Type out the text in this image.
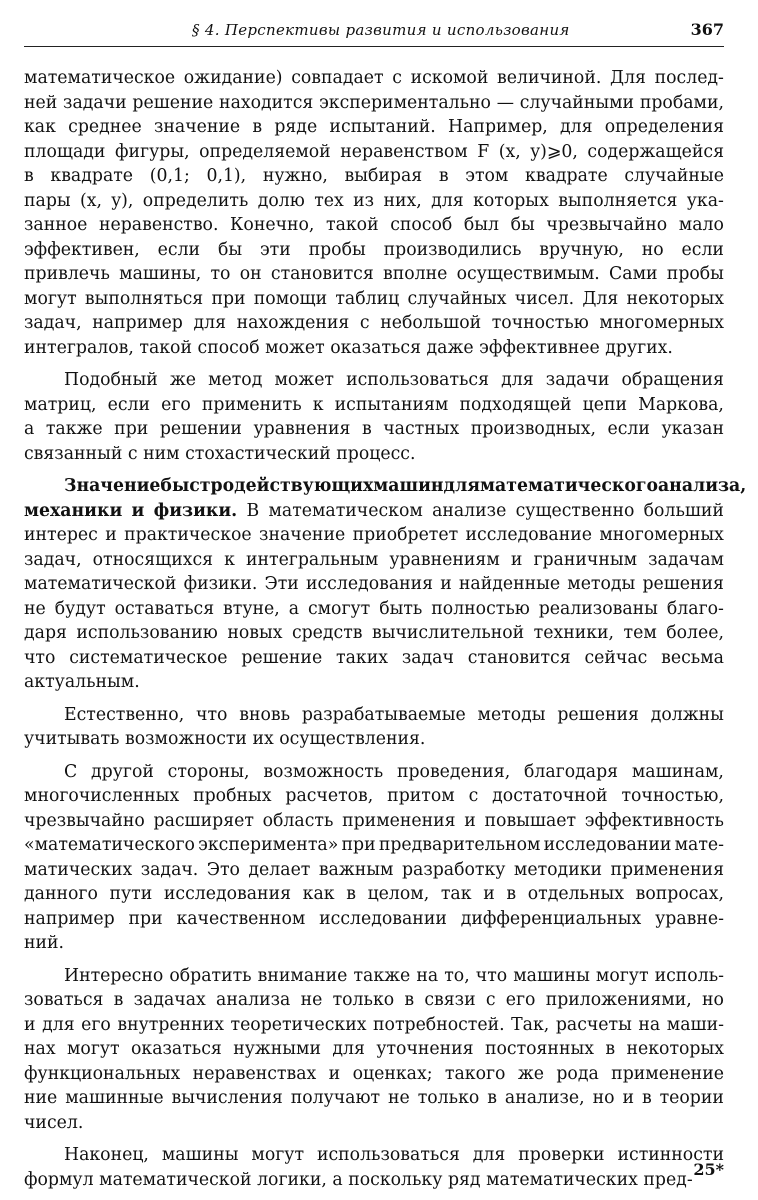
§ 4. Перспективы развития и использования	367
математическое ожидание) совпадает с искомой величиной. Для послед-
ней задачи решение находится экспериментально — случайными пробами,
как среднее значение в ряде испытаний. Например, для определения
площади фигуры, определяемой неравенством F (x, y)⩾0, содержащейся
в квадрате (0,1; 0,1), нужно, выбирая в этом квадрате случайные
пары (x, y), определить долю тех из них, для которых выполняется ука-
занное неравенство. Конечно, такой способ был бы чрезвычайно мало
эффективен, если бы эти пробы производились вручную, но если
привлечь машины, то он становится вполне осуществимым. Сами пробы
могут выполняться при помощи таблиц случайных чисел. Для некоторых
задач, например для нахождения с небольшой точностью многомерных
интегралов, такой способ может оказаться даже эффективнее других.
Подобный же метод может использоваться для задачи обращения
матриц, если его применить к испытаниям подходящей цепи Маркова,
а также при решении уравнения в частных производных, если указан
связанный с ним стохастический процесс.
Значение быстродействующих машин для математического анализа,
механики и физики. В математическом анализе существенно больший
интерес и практическое значение приобретет исследование многомерных
задач, относящихся к интегральным уравнениям и граничным задачам
математической физики. Эти исследования и найденные методы решения
не будут оставаться втуне, а смогут быть полностью реализованы благо-
даря использованию новых средств вычислительной техники, тем более,
что систематическое решение таких задач становится сейчас весьма
актуальным.
Естественно, что вновь разрабатываемые методы решения должны
учитывать возможности их осуществления.
С другой стороны, возможность проведения, благодаря машинам,
многочисленных пробных расчетов, притом с достаточной точностью,
чрезвычайно расширяет область применения и повышает эффективность
«математического эксперимента» при предварительном исследовании мате-
матических задач. Это делает важным разработку методики применения
данного пути исследования как в целом, так и в отдельных вопросах,
например при качественном исследовании дифференциальных уравне-
ний.
Интересно обратить внимание также на то, что машины могут исполь-
зоваться в задачах анализа не только в связи с его приложениями, но
и для его внутренних теоретических потребностей. Так, расчеты на маши-
нах могут оказаться нужными для уточнения постоянных в некоторых
функциональных неравенствах и оценках; такого же рода применение
ние машинные вычисления получают не только в анализе, но и в теории
чисел.
Наконец, машины могут использоваться для проверки истинности
формул математической логики, а поскольку ряд математических пред- 25*
